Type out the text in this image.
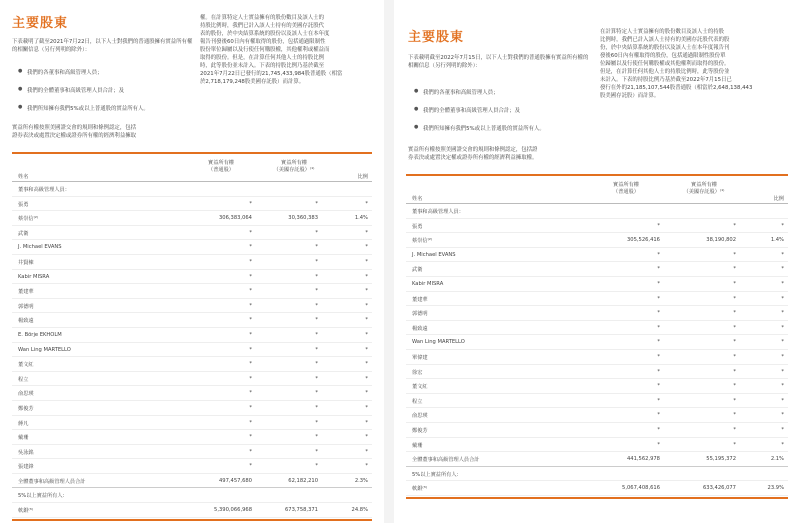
主要股東
下表載明了截至2021年7月22日，以下人士對我們的普通股擁有實益所有權的相關信息（另行列明的除外）：
● 我們的各董事和高級管理人員；
● 我們的全體董事和高級管理人員合計；及
● 我們所知擁有我們5%或以上普通股的實益所有人。

實益所有權按照美國證交會的規則和條例認定，包括

證券表決或處置決定權或證券所有權的經濟利益擁取

權。在計算特定人士實益擁有的股份數目及該人士的

持股比例時，我們已計入該人士持有的美國存託股代

表的股份，於中央結算系統的股份以及該人士在本年度

報告刊發後60日內有權取得的股份，包括通過限制性

股份單位歸屬以及行使任何購股權，其他權利或權益而

取得的股份。但是，在計算任何其他人士的持股比例

時，此等股份並未計入。下表的持股比例乃基於截至

2021年7月22日已發行的21,745,433,984股普通股（相當

於2,718,179,248股美國存託股）而計算。

實益所有權
（普通股）
實益所有權
（美國存託股）⁽¹⁾
姓名	比例
董事和高級管理人員：
張勇	*	*	*
蔡崇信⁽²⁾	306,383,064	30,360,383	1.4%
武衛	*	*	*
J. Michael EVANS	*	*	*
井賢棟	*	*	*
Kabir MISRA	*	*	*
董建華	*	*	*
郭德明	*	*	*
楊致遠	*	*	*
E. Börje EKHOLM	*	*	*
Wan Ling MARTELLO	*	*	*
董文紅	*	*	*
程立	*	*	*
俞思瑛	*	*	*
鄭俊芳	*	*	*
蔣凡	*	*	*
戴珊	*	*	*
吳泳銘	*	*	*
張建鋒	*	*	*
全體董事和高級管理人員合計	497,457,680	62,182,210	2.3%
5%以上實益所有人：
軟銀⁽³⁾	5,390,066,968	673,758,371	24.8%
主要股東
下表載明截至2022年7月15日，以下人士對我們的普通股擁有實益所有權的相關信息（另行列明的除外）：
● 我們的各董事和高級管理人員；
● 我們的全體董事和高級管理人員合計；及
● 我們所知擁有我們5%或以上普通股的實益所有人。

實益所有權按照美國證交會的規則和條例認定，包括證

券表決或處置決定權或證券所有權的經濟利益擁取權。

在計算特定人士實益擁有的股份數目及該人士的持股

比例時，我們已計入該人士持有的美國存託股代表的股

份，於中央結算系統的股份以及該人士在本年度報告刊

發後60日內有權取得的股份，包括通過限制性股份單

位歸屬以及行使任何購股權或其他權利而取得的股份。

但是，在計算任何其他人士的持股比例時，此等股份並

未計入。下表的持股比例乃基於截至2022年7月15日已

發行在外的21,185,107,544股普通股（相當於2,648,138,443

股美國存託股）而計算。

實益所有權
（普通股）
實益所有權
（美國存託股）⁽¹⁾
姓名	比例
董事和高級管理人員：
張勇	*	*	*
蔡崇信⁽²⁾	305,526,416	38,190,802	1.4%
J. Michael EVANS	*	*	*
武衛	*	*	*
Kabir MISRA	*	*	*
董建華	*	*	*
郭德明	*	*	*
楊致遠	*	*	*
Wan Ling MARTELLO	*	*	*
單偉建	*	*	*
徐宏	*	*	*
董文紅	*	*	*
程立	*	*	*
俞思瑛	*	*	*
鄭俊芳	*	*	*
戴珊	*	*	*
全體董事和高級管理人員合計	441,562,978	55,195,372	2.1%
5%以上實益所有人：
軟銀⁽³⁾	5,067,408,616	633,426,077	23.9%
